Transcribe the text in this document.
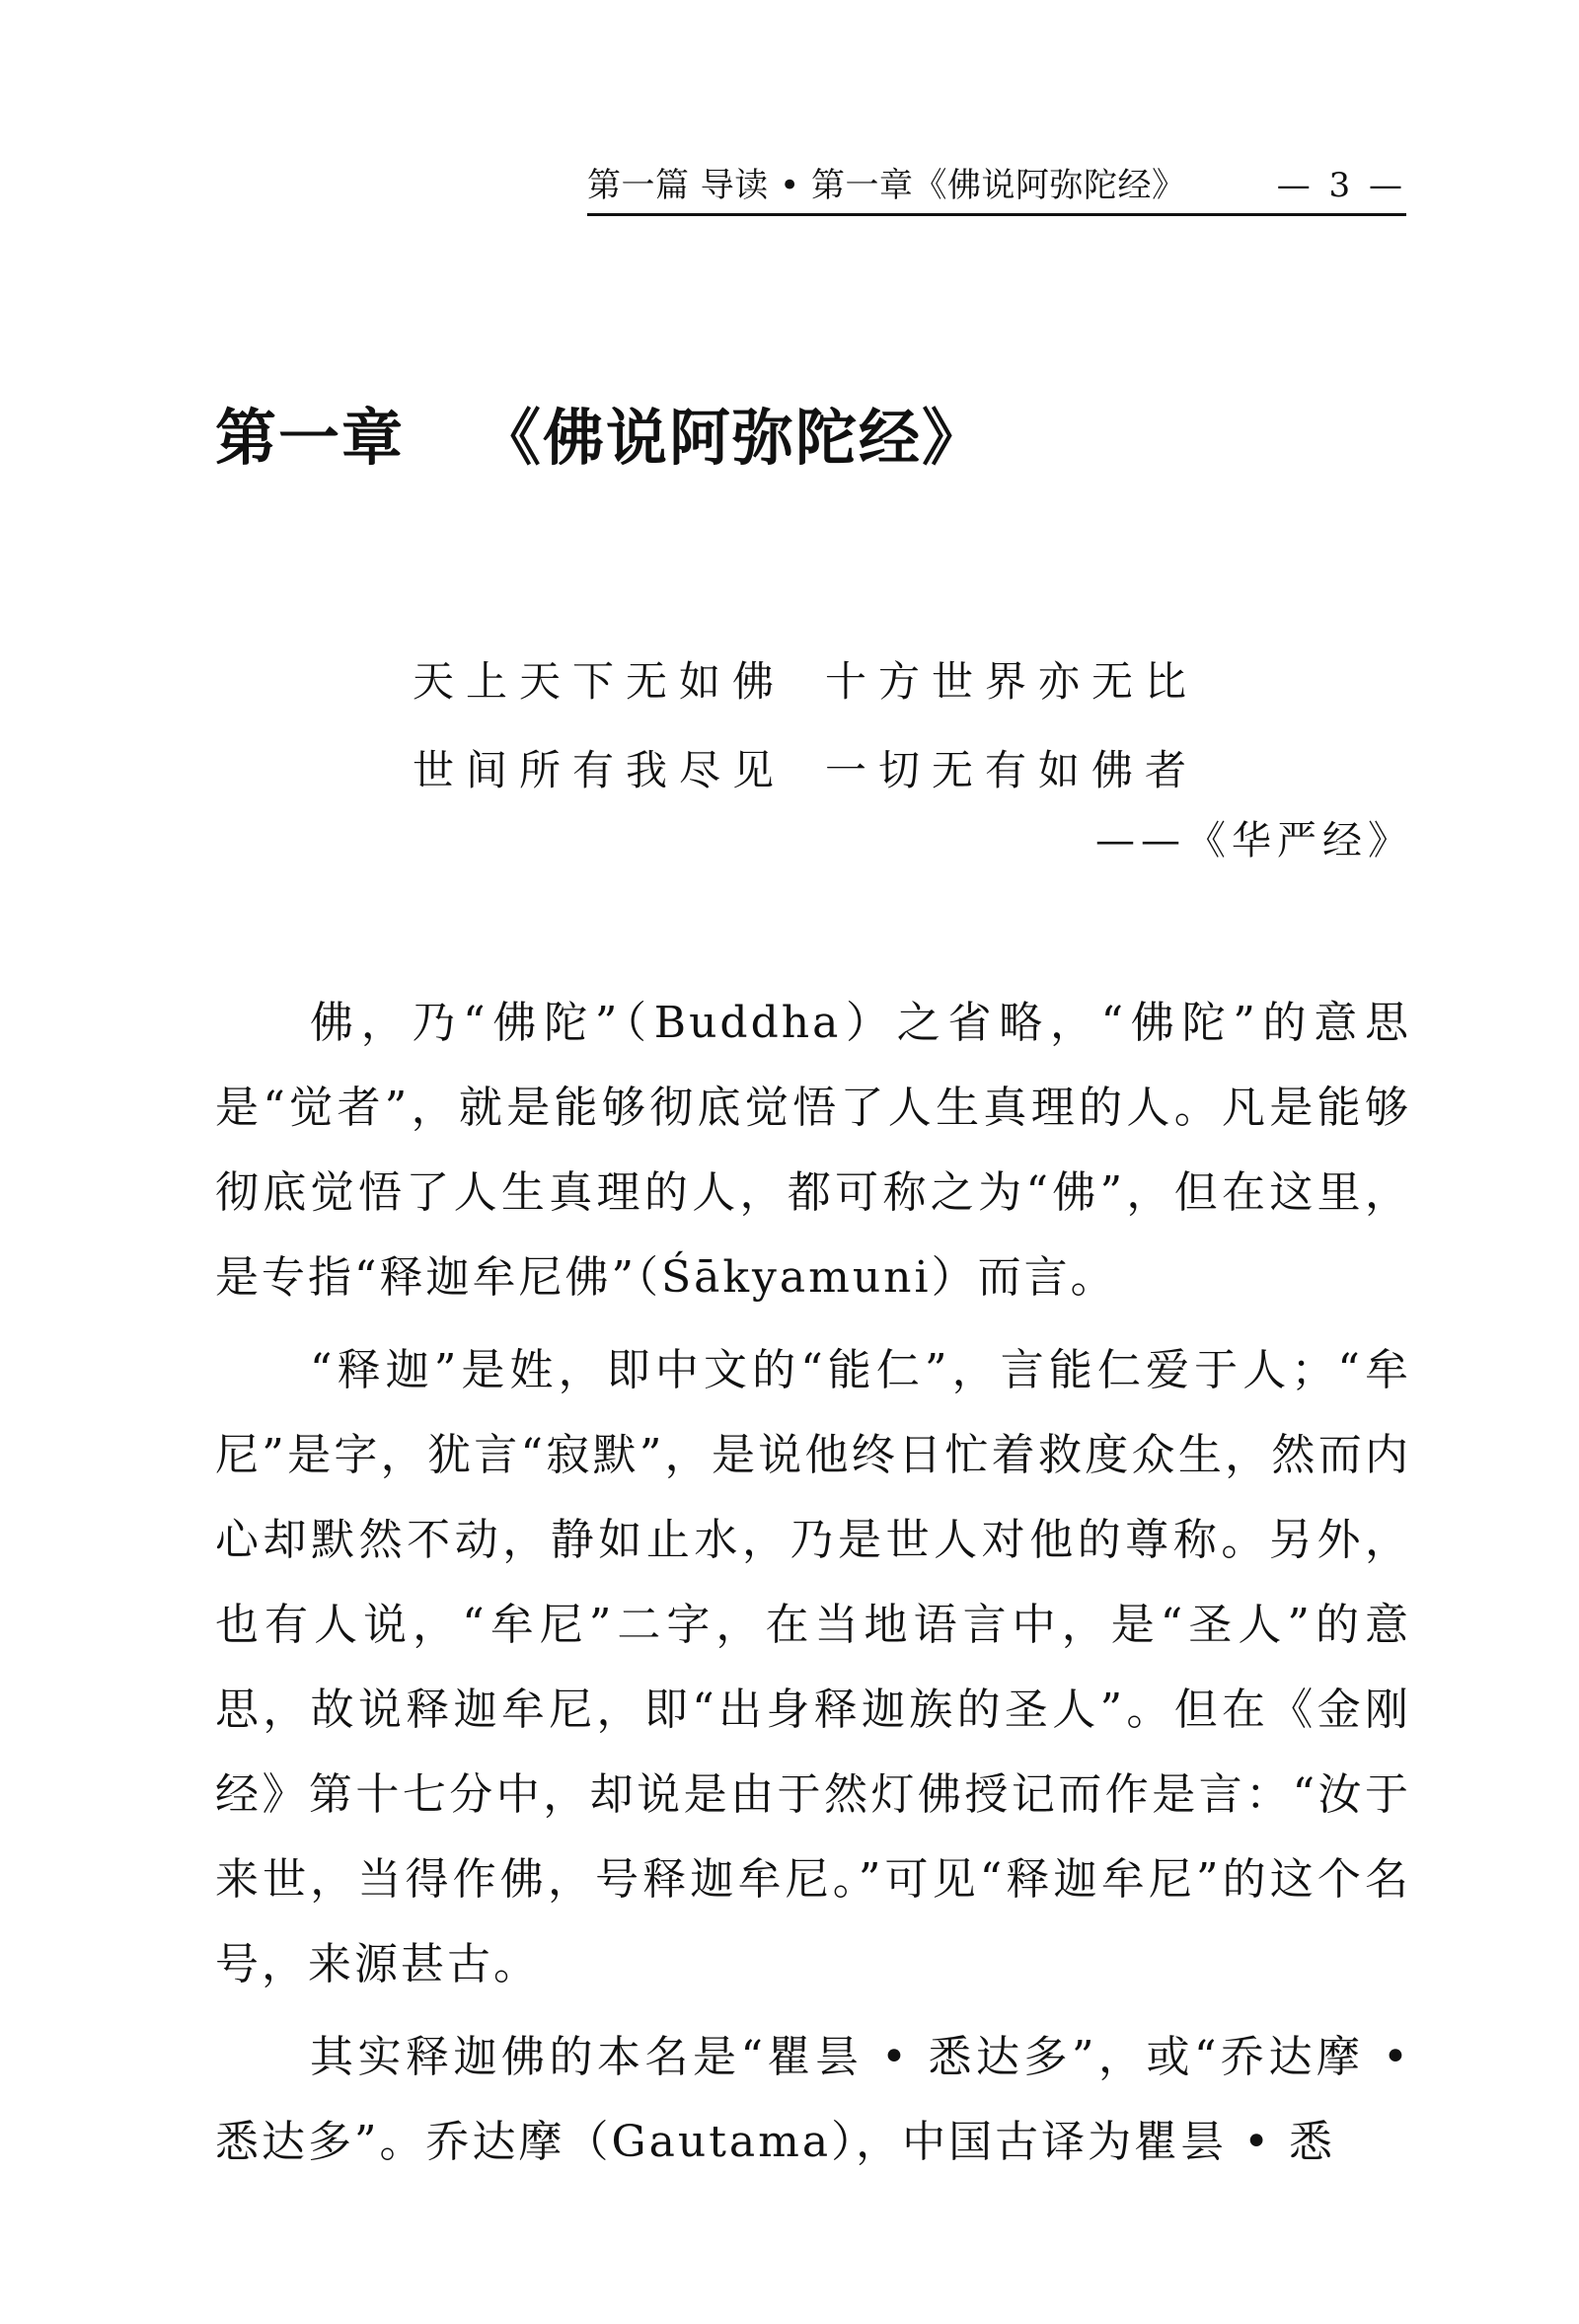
第一篇 导读 • 第一章《佛说阿弥陀经》	— 3 —
第一章 《佛说阿弥陀经》
天上天下无如佛 十方世界亦无比
世间所有我尽见 一切无有如佛者
——《华严经》

佛，乃“佛陀”（Buddha）之省略，“佛陀”的意思是“觉者”，就是能够彻底觉悟了人生真理的人。凡是能够彻底觉悟了人生真理的人，都可称之为“佛”，但在这里，是专指“释迦牟尼佛”（Śākyamuni）而言。

“释迦”是姓，即中文的“能仁”，言能仁爱于人；“牟尼”是字，犹言“寂默”，是说他终日忙着救度众生，然而内心却默然不动，静如止水，乃是世人对他的尊称。另外，也有人说，“牟尼”二字，在当地语言中，是“圣人”的意思，故说释迦牟尼，即“出身释迦族的圣人”。但在《金刚经》第十七分中，却说是由于然灯佛授记而作是言：“汝于来世，当得作佛，号释迦牟尼。”可见“释迦牟尼”的这个名号，来源甚古。

其实释迦佛的本名是“瞿昙 • 悉达多”，或“乔达摩 • 悉达多”。乔达摩（Gautama），中国古译为瞿昙 • 悉
